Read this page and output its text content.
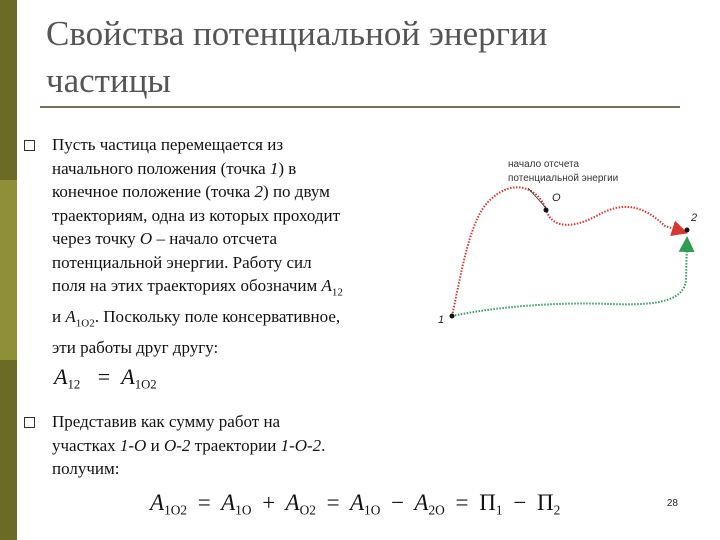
Свойства потенциальной энергии
частицы
Пусть частица перемещается из
начального положения (точка 1) в
конечное положение (точка 2) по двум
траекториям, одна из которых проходит
через точку O – начало отсчета
потенциальной энергии. Работу сил
поля на этих траекториях обозначим $A_{12}$
и $A_{1O2}$. Поскольку поле консервативное,
эти работы друг другу:
$A_{12} = A_{1O2}$
Представив как сумму работ на
участках 1-O и O-2 траектории 1-O-2.
получим:
$A_{1O2} = A_{1O} + A_{O2} = A_{1O} - A_{2O} = \Pi_1 - \Pi_2$
начало отсчета
потенциальной энергии
O
1
2
28
